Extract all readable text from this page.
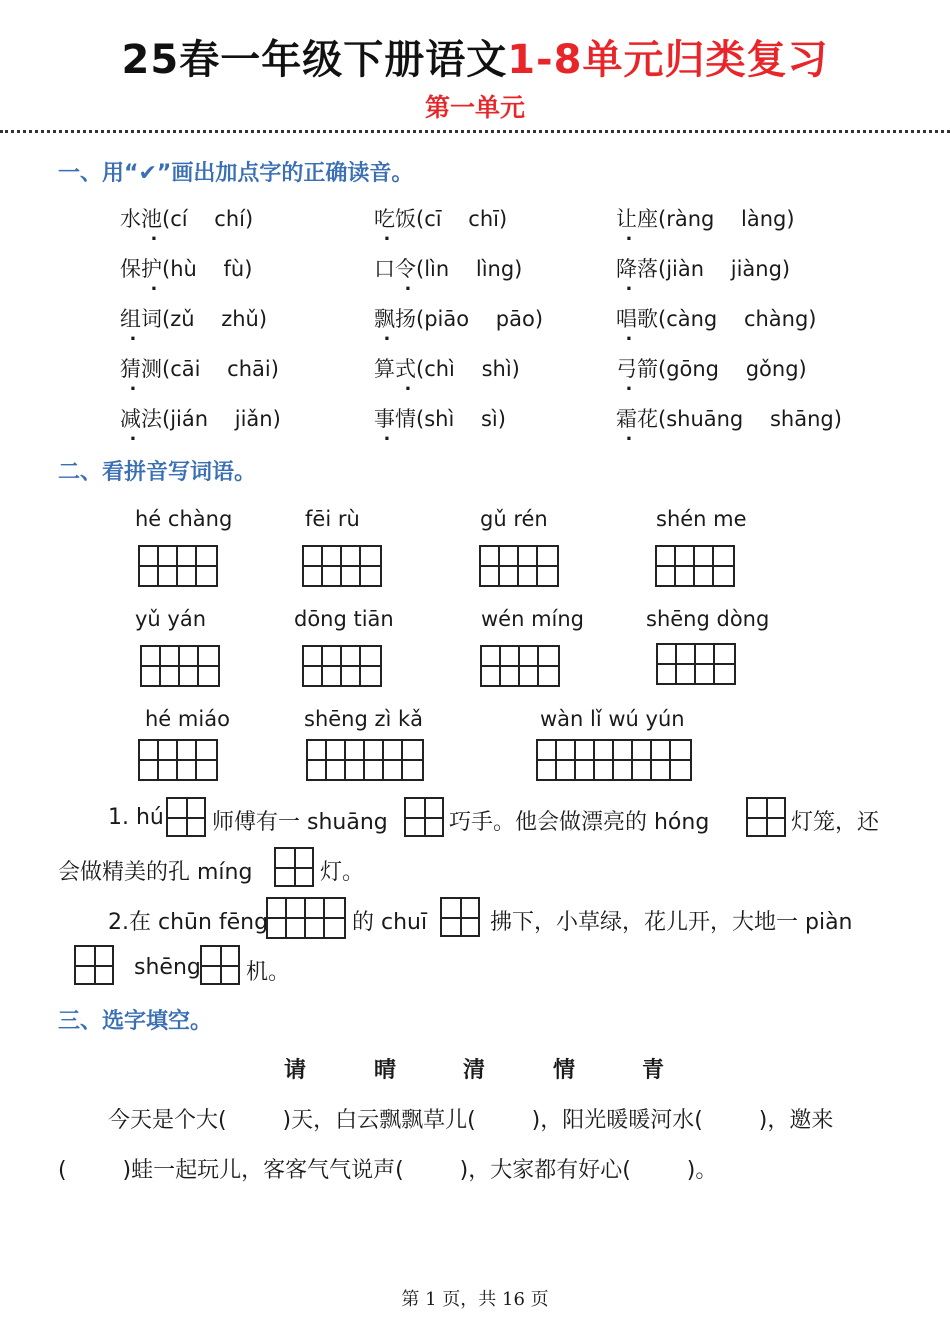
25春一年级下册语文1-8单元归类复习
第一单元
一、用“✔”画出加点字的正确读音。
水池(cí    chí)	吃饭(cī    chī)	让座(ràng    làng)
保护(hù    fù)	口令(lìn    lìng)	降落(jiàn    jiàng)
组词(zǔ    zhǔ)	飘扬(piāo    pāo)	唱歌(càng    chàng)
猜测(cāi    chāi)	算式(chì    shì)	弓箭(gōng    gǒng)
减法(jián    jiǎn)	事情(shì    sì)	霜花(shuāng    shāng)
二、看拼音写词语。
hé chàng	fēi rù	gǔ rén	shén me
yǔ yán	dōng tiān	wén míng	shēng dòng
hé miáo	shēng zì kǎ	wàn lǐ wú yún
1. hú 师傅有一 shuāng	巧手。他会做漂亮的 hóng	灯笼，还
会做精美的孔 míng	灯。
2.在 chūn fēng	的 chuī	拂下，小草绿，花儿开，大地一 piàn
shēng 机。
三、选字填空。
请	晴	清	情	青
今天是个大(        )天，白云飘飘草儿(        )，阳光暖暖河水(        )，邀来
(        )蛙一起玩儿，客客气气说声(        )，大家都有好心(        )。
第 1 页，共 16 页
